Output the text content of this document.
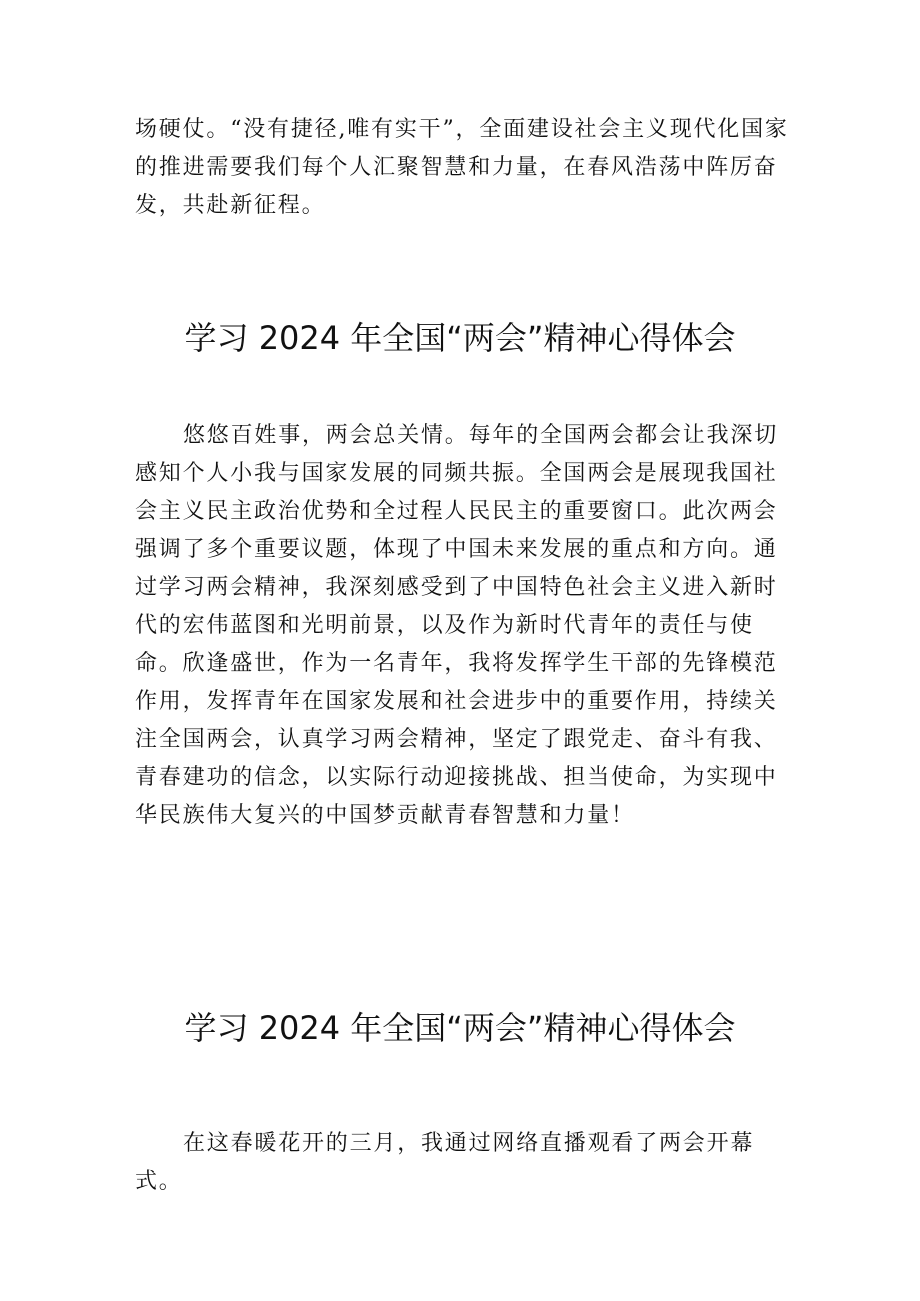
场硬仗。“没有捷径,唯有实干”，全面建设社会主义现代化国家的推进需要我们每个人汇聚智慧和力量，在春风浩荡中阵厉奋发，共赴新征程。

学习 2024 年全国“两会”精神心得体会

悠悠百姓事，两会总关情。每年的全国两会都会让我深切感知个人小我与国家发展的同频共振。全国两会是展现我国社会主义民主政治优势和全过程人民民主的重要窗口。此次两会强调了多个重要议题，体现了中国未来发展的重点和方向。通过学习两会精神，我深刻感受到了中国特色社会主义进入新时代的宏伟蓝图和光明前景，以及作为新时代青年的责任与使命。欣逢盛世，作为一名青年，我将发挥学生干部的先锋模范作用，发挥青年在国家发展和社会进步中的重要作用，持续关注全国两会，认真学习两会精神，坚定了跟党走、奋斗有我、青春建功的信念，以实际行动迎接挑战、担当使命，为实现中华民族伟大复兴的中国梦贡献青春智慧和力量！

学习 2024 年全国“两会”精神心得体会

在这春暖花开的三月，我通过网络直播观看了两会开幕式。
